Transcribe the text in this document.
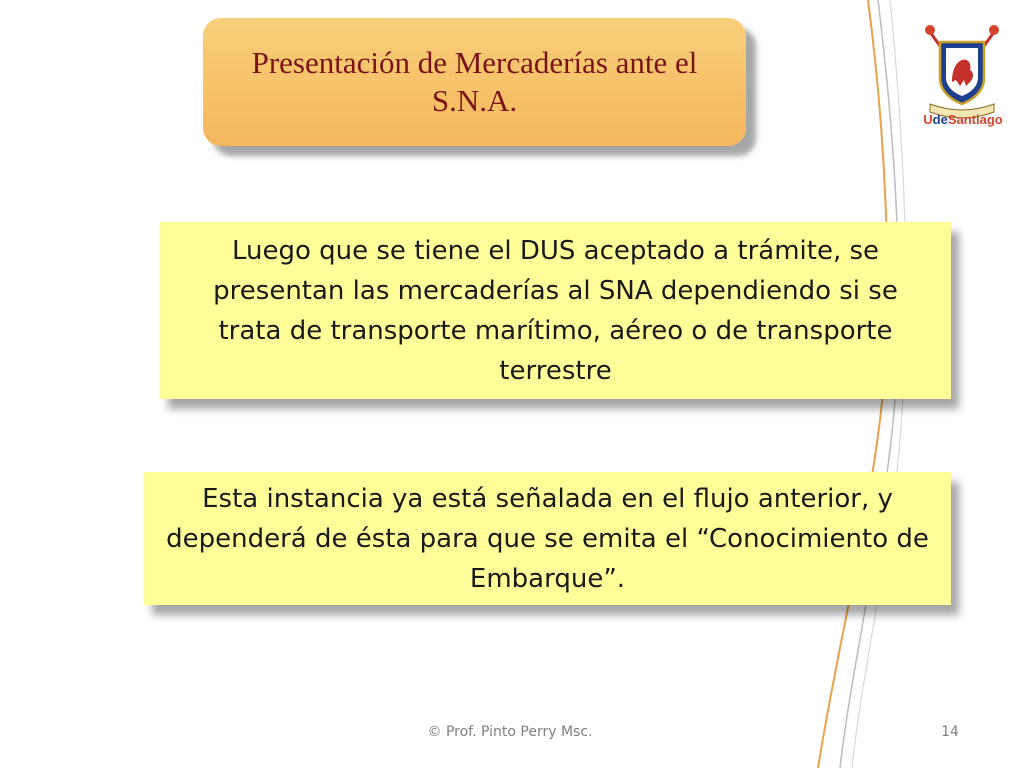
Presentación de Mercaderías ante el S.N.A.
Luego que se tiene el DUS aceptado a trámite, se presentan las mercaderías al SNA dependiendo si se trata de transporte marítimo, aéreo o de transporte terrestre
Esta instancia ya está señalada en el flujo anterior, y dependerá de ésta para que se emita el “Conocimiento de Embarque”.
UdeSantiago
© Prof. Pinto Perry Msc.	14
